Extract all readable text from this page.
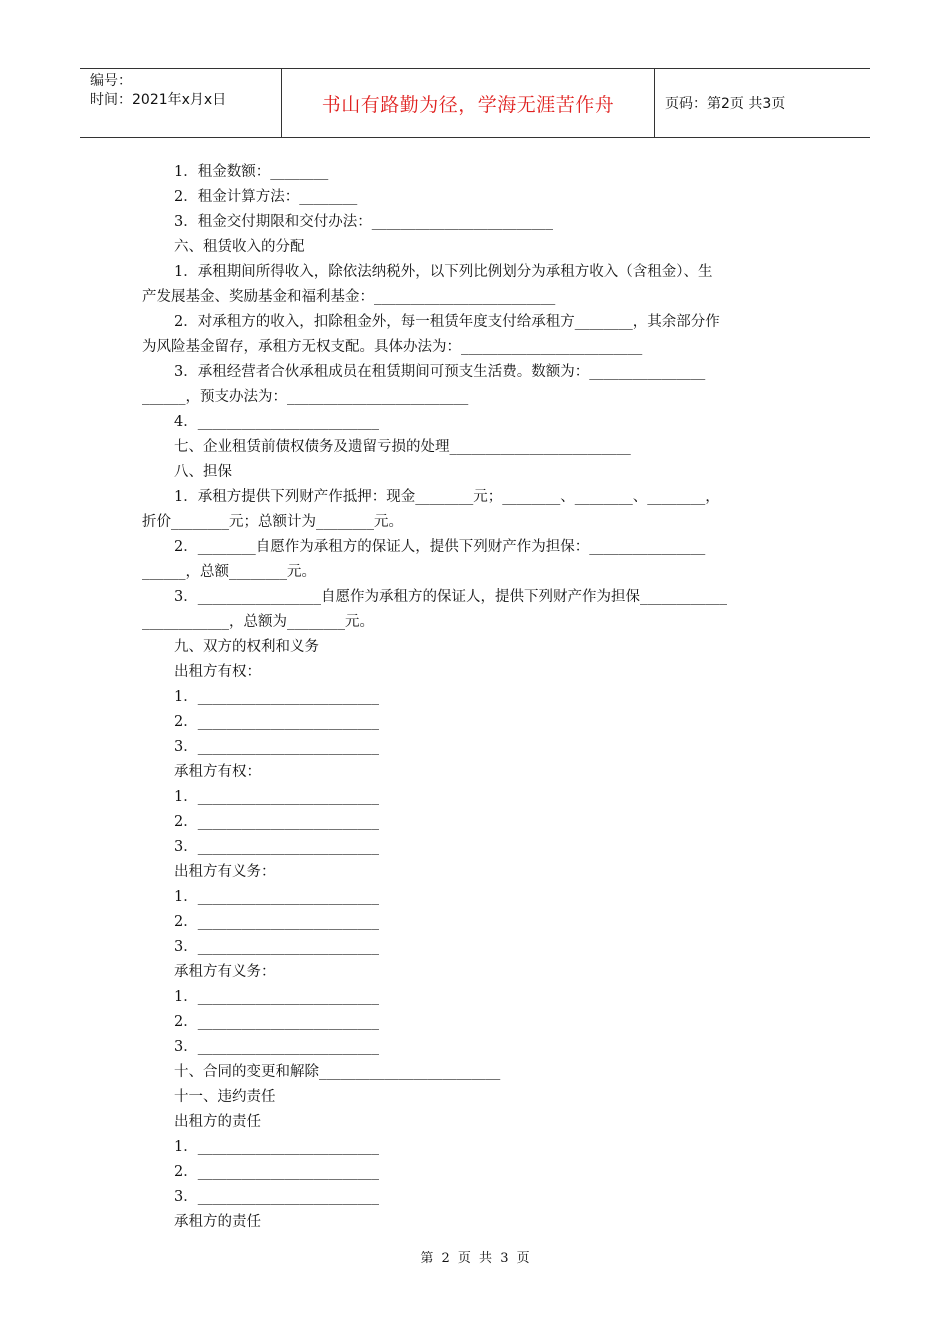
编号：
时间：2021年x月x日	书山有路勤为径，学海无涯苦作舟	页码：第2页 共3页
1．租金数额：________
2．租金计算方法：________
3．租金交付期限和交付办法：_________________________
六、租赁收入的分配
1．承租期间所得收入，除依法纳税外，以下列比例划分为承租方收入（含租金）、生
产发展基金、奖励基金和福利基金：_________________________
2．对承租方的收入，扣除租金外，每一租赁年度支付给承租方________，其余部分作
为风险基金留存，承租方无权支配。具体办法为：_________________________
3．承租经营者合伙承租成员在租赁期间可预支生活费。数额为：________________
______，预支办法为：_________________________
4．_________________________
七、企业租赁前债权债务及遗留亏损的处理_________________________
八、担保
1．承租方提供下列财产作抵押：现金________元；________、________、________，
折价________元；总额计为________元。
2．________自愿作为承租方的保证人，提供下列财产作为担保：________________
______，总额________元。
3．_________________自愿作为承租方的保证人，提供下列财产作为担保____________
____________，总额为________元。
九、双方的权利和义务
出租方有权：
1．_________________________
2．_________________________
3．_________________________
承租方有权：
1．_________________________
2．_________________________
3．_________________________
出租方有义务：
1．_________________________
2．_________________________
3．_________________________
承租方有义务：
1．_________________________
2．_________________________
3．_________________________
十、合同的变更和解除_________________________
十一、违约责任
出租方的责任
1．_________________________
2．_________________________
3．_________________________
承租方的责任
第 2 页 共 3 页
